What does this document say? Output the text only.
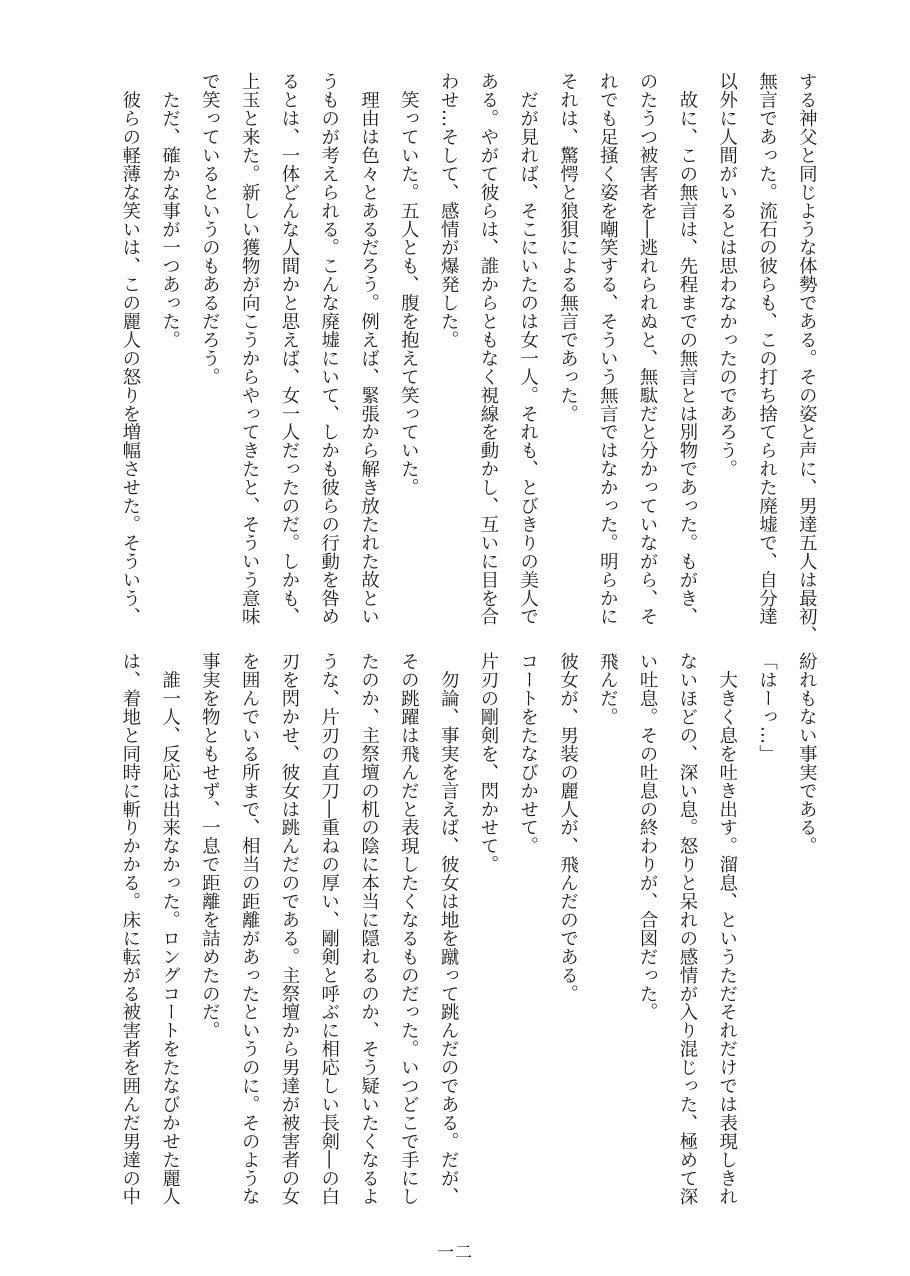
する神父と同じような体勢である。その姿と声に、男達五人は最初、
無言であった。流石の彼らも、この打ち捨てられた廃墟で、自分達
以外に人間がいるとは思わなかったのであろう。
　故に、この無言は、先程までの無言とは別物であった。もがき、
のたうつ被害者を―逃れられぬと、無駄だと分かっていながら、そ
れでも足掻く姿を嘲笑する、そういう無言ではなかった。明らかに
それは、驚愕と狼狽による無言であった。
　だが見れば、そこにいたのは女一人。それも、とびきりの美人で
ある。やがて彼らは、誰からともなく視線を動かし、互いに目を合
わせ…そして、感情が爆発した。
　笑っていた。五人とも、腹を抱えて笑っていた。
　理由は色々とあるだろう。例えば、緊張から解き放たれた故とい
うものが考えられる。こんな廃墟にいて、しかも彼らの行動を咎め
るとは、一体どんな人間かと思えば、女一人だったのだ。しかも、
上玉と来た。新しい獲物が向こうからやってきたと、そういう意味
で笑っているというのもあるだろう。
　ただ、確かな事が一つあった。
　彼らの軽薄な笑いは、この麗人の怒りを増幅させた。そういう、
紛れもない事実である。
「はーっ…」
　大きく息を吐き出す。溜息、というただそれだけでは表現しきれ
ないほどの、深い息。怒りと呆れの感情が入り混じった、極めて深
い吐息。その吐息の終わりが、合図だった。
飛んだ。
彼女が、男装の麗人が、飛んだのである。
コートをたなびかせて。
片刃の剛剣を、閃かせて。
　勿論、事実を言えば、彼女は地を蹴って跳んだのである。だが、
その跳躍は飛んだと表現したくなるものだった。いつどこで手にし
たのか、主祭壇の机の陰に本当に隠れるのか、そう疑いたくなるよ
うな、片刃の直刀―重ねの厚い、剛剣と呼ぶに相応しい長剣―の白
刃を閃かせ、彼女は跳んだのである。主祭壇から男達が被害者の女
を囲んでいる所まで、相当の距離があったというのに。そのような
事実を物ともせず、一息で距離を詰めたのだ。
　誰一人、反応は出来なかった。ロングコートをたなびかせた麗人
は、着地と同時に斬りかかる。床に転がる被害者を囲んだ男達の中
一二
